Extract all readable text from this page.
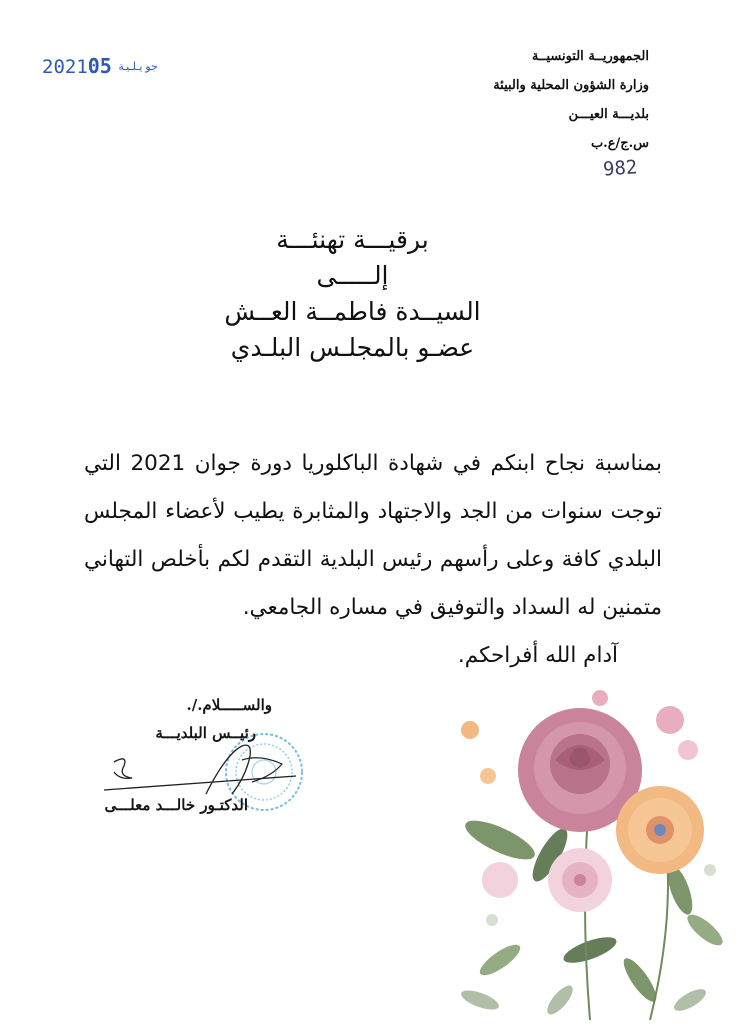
الجمهوريــة التونسيــة
وزارة الشؤون المحلية والبيئة
بلديـــة العيـــن
س.ج/ع.ب
982
2021	جويلية05
برقيـــة تهنئـــة
إلـــــى
السيــدة فاطمــة العــش
عضـو بالمجلـس البلـدي
بمناسبة نجاح ابنكم في شهادة الباكلوريا دورة جوان 2021 التي توجت سنوات من الجد والاجتهاد والمثابرة يطيب لأعضاء المجلس البلدي كافة وعلى رأسهم رئيس البلدية التقدم لكم بأخلص التهاني متمنين له السداد والتوفيق في مساره الجامعي.
آدام الله أفراحكم.
والســـــلام./.
رئيــس البلديـــة
الدكتـور خالـــد معلـــى
